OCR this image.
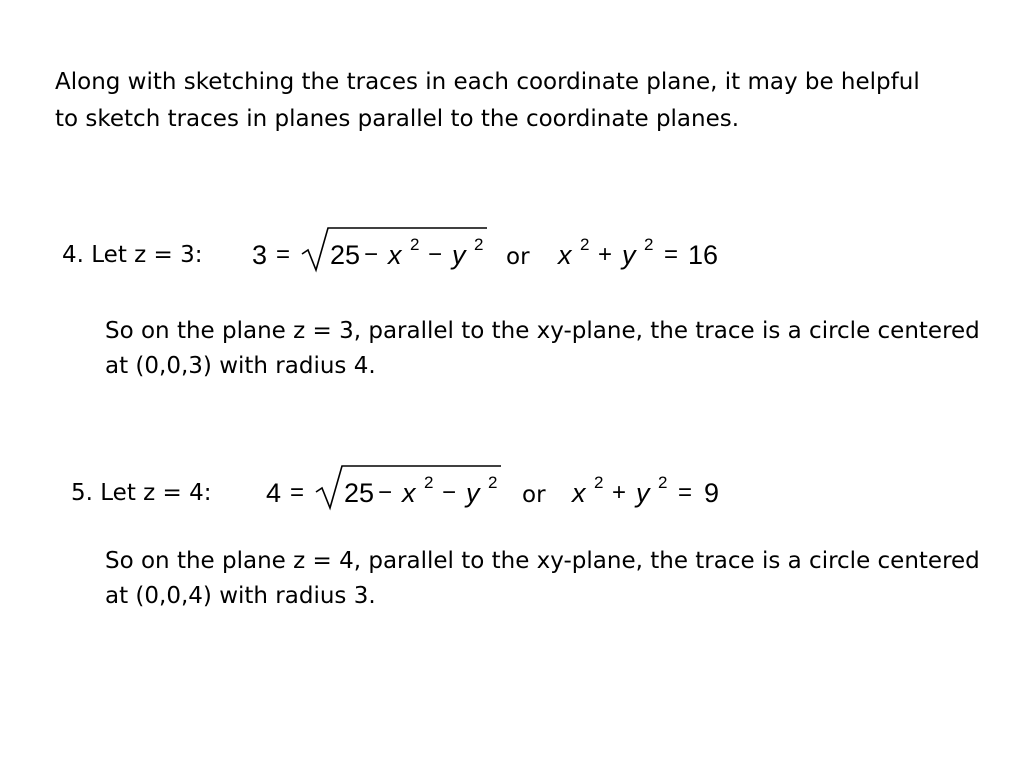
Along with sketching the traces in each coordinate plane, it may be helpful to sketch traces in planes parallel to the coordinate planes.
4. Let z = 3: 3 = 25 − x 2 − y 2 or x 2 + y 2 = 16
So on the plane z = 3, parallel to the xy-plane, the trace is a circle centered at (0,0,3) with radius 4.
5. Let z = 4: 4 = 25 − x 2 − y 2 or x 2 + y 2 = 9
So on the plane z = 4, parallel to the xy-plane, the trace is a circle centered at (0,0,4) with radius 3.
